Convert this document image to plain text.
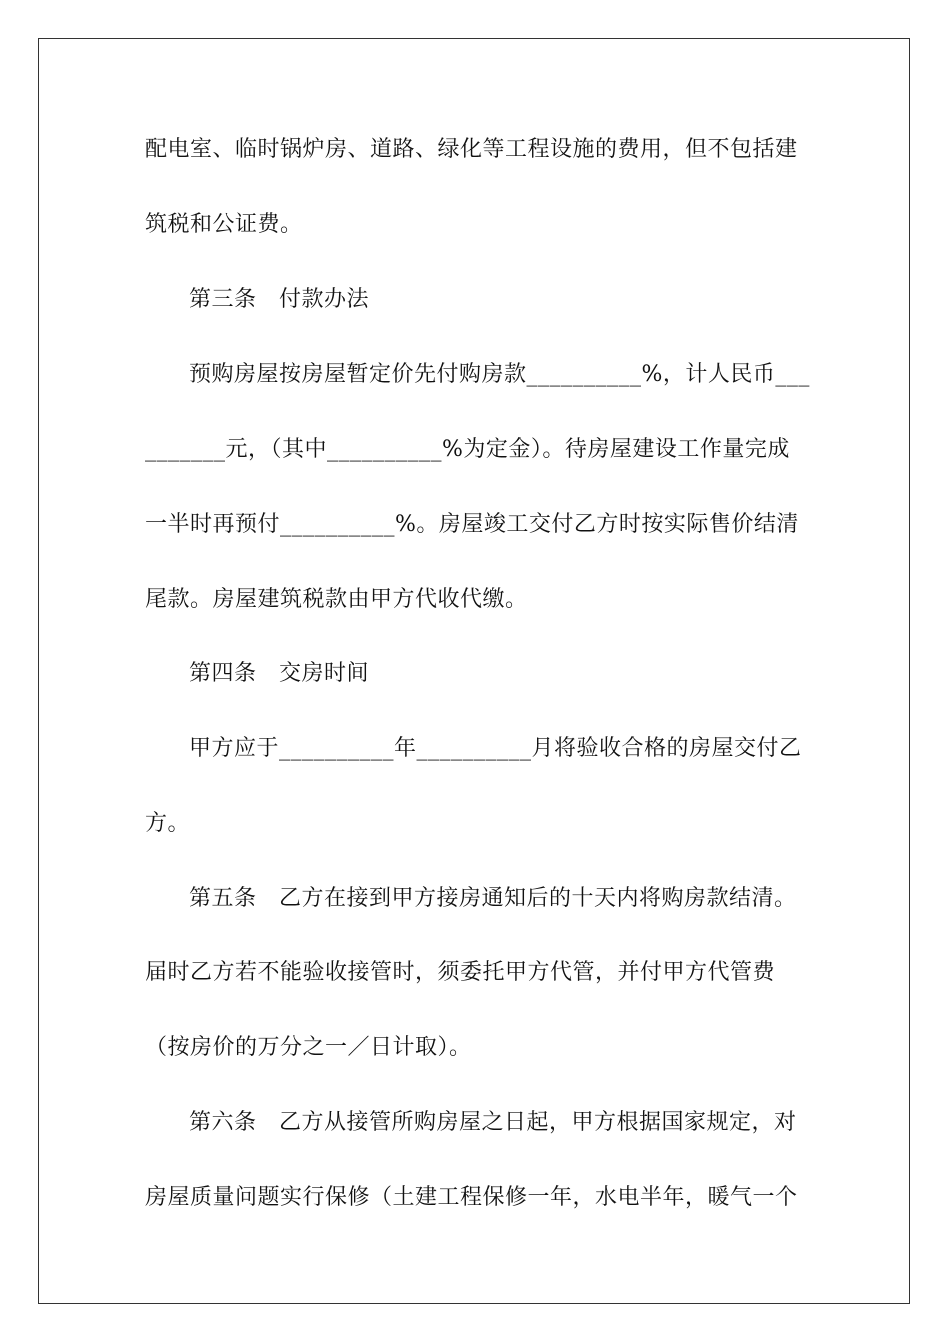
配电室、临时锅炉房、道路、绿化等工程设施的费用，但不包括建
筑税和公证费。
第三条　付款办法
预购房屋按房屋暂定价先付购房款__________%，计人民币___
_______元，（其中__________%为定金）。待房屋建设工作量完成
一半时再预付__________%。房屋竣工交付乙方时按实际售价结清
尾款。房屋建筑税款由甲方代收代缴。
第四条　交房时间
甲方应于__________年__________月将验收合格的房屋交付乙
方。
第五条　乙方在接到甲方接房通知后的十天内将购房款结清。
届时乙方若不能验收接管时，须委托甲方代管，并付甲方代管费
（按房价的万分之一／日计取）。
第六条　乙方从接管所购房屋之日起，甲方根据国家规定，对
房屋质量问题实行保修（土建工程保修一年，水电半年，暖气一个
